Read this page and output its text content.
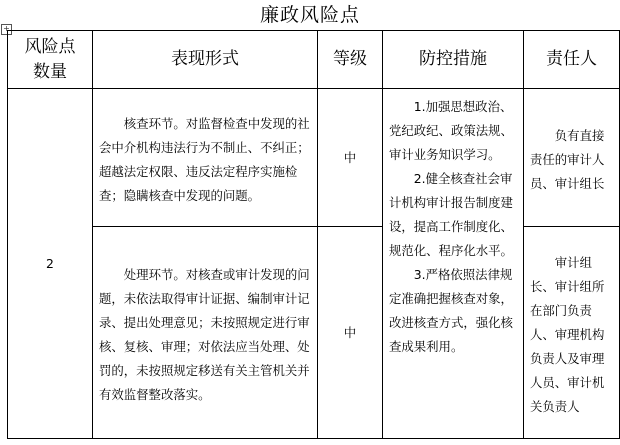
廉政风险点
+
风险点数量	表现形式	等级	防控措施	责任人
2	核查环节。对监督检查中发现的社会中介机构违法行为不制止、不纠正；超越法定权限、违反法定程序实施检查；隐瞒核查中发现的问题。	中	1.加强思想政治、党纪政纪、政策法规、审计业务知识学习。
2.健全核查社会审计机构审计报告制度建设，提高工作制度化、规范化、程序化水平。
3.严格依照法律规定准确把握核查对象，改进核查方式，强化核查成果利用。	负有直接责任的审计人员、审计组长
	处理环节。对核查或审计发现的问题，未依法取得审计证据、编制审计记录、提出处理意见；未按照规定进行审核、复核、审理；对依法应当处理、处罚的，未按照规定移送有关主管机关并有效监督整改落实。	中		审计组长、审计组所在部门负责人、审理机构负责人及审理人员、审计机关负责人
